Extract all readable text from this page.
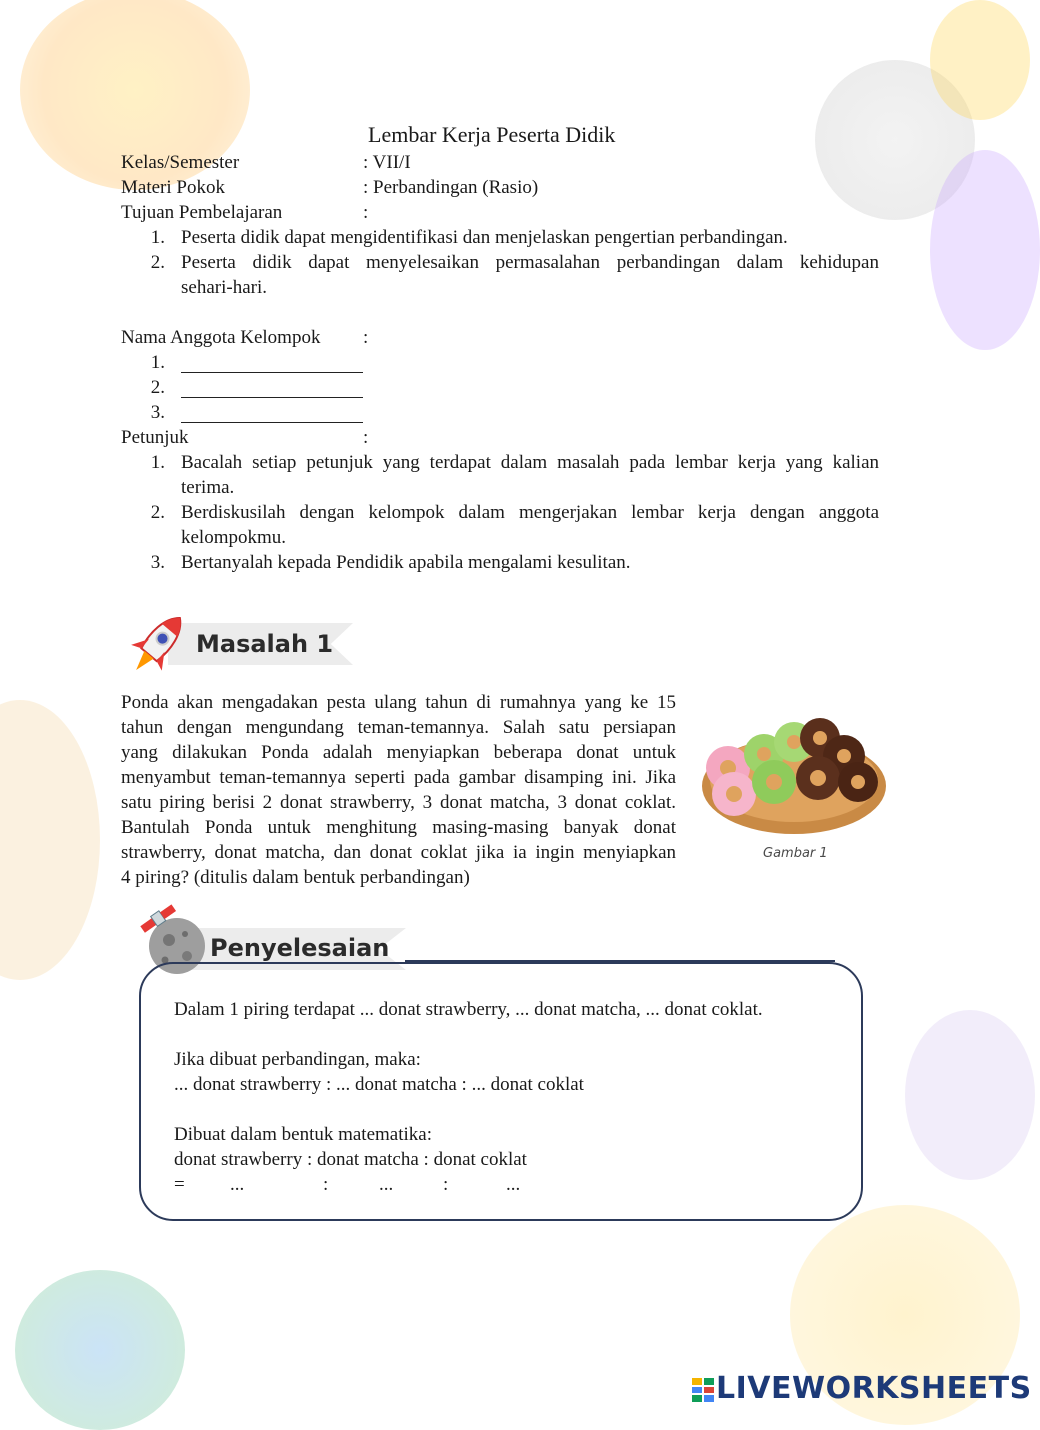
Lembar Kerja Peserta Didik
Kelas/Semester	: VII/I
Materi Pokok	: Perbandingan (Rasio)
Tujuan Pembelajaran	:
1. Peserta didik dapat mengidentifikasi dan menjelaskan pengertian perbandingan.
2. Peserta didik dapat menyelesaikan permasalahan perbandingan dalam kehidupan
sehari-hari.
Nama Anggota Kelompok :
1.
2.
3.
Petunjuk	:
1. Bacalah setiap petunjuk yang terdapat dalam masalah pada lembar kerja yang kalian
terima.
2. Berdiskusilah dengan kelompok dalam mengerjakan lembar kerja dengan anggota
kelompokmu.
3. Bertanyalah kepada Pendidik apabila mengalami kesulitan.
Masalah 1
Ponda akan mengadakan pesta ulang tahun di rumahnya yang ke 15
tahun dengan mengundang teman-temannya. Salah satu persiapan
yang dilakukan Ponda adalah menyiapkan beberapa donat untuk
menyambut teman-temannya seperti pada gambar disamping ini. Jika
satu piring berisi 2 donat strawberry, 3 donat matcha, 3 donat coklat.
Bantulah Ponda untuk menghitung masing-masing banyak donat
strawberry, donat matcha, dan donat coklat jika ia ingin menyiapkan
4 piring? (ditulis dalam bentuk perbandingan)
Gambar 1
Penyelesaian
Dalam 1 piring terdapat ... donat strawberry, ... donat matcha, ... donat coklat.
Jika dibuat perbandingan, maka:
... donat strawberry : ... donat matcha : ... donat coklat
Dibuat dalam bentuk matematika:
donat strawberry : donat matcha : donat coklat
= ...	:	...	:	...
LIVEWORKSHEETS
